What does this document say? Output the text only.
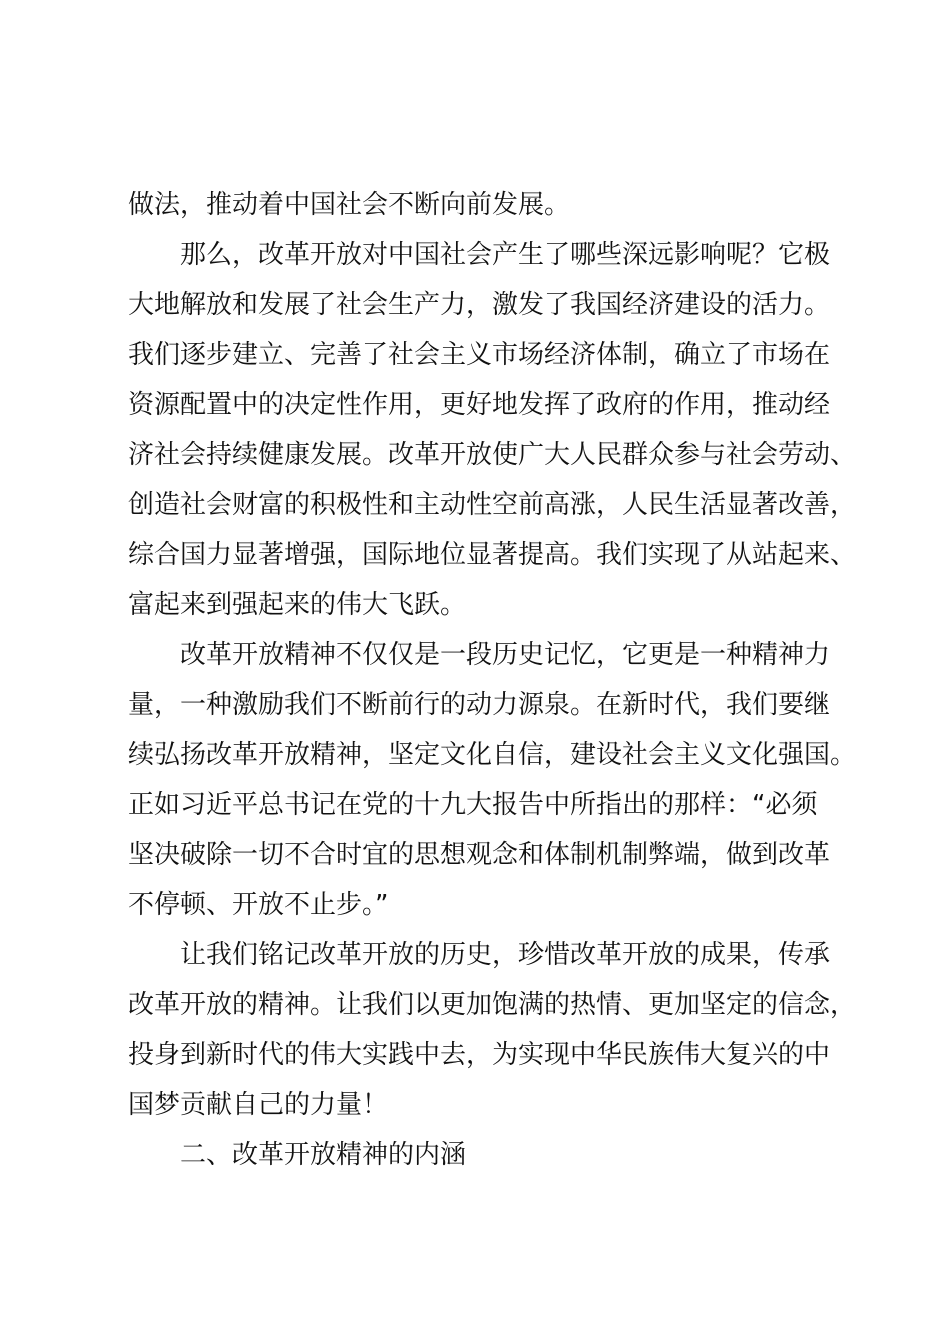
做法，推动着中国社会不断向前发展。
那么，改革开放对中国社会产生了哪些深远影响呢？它极
大地解放和发展了社会生产力，激发了我国经济建设的活力。
我们逐步建立、完善了社会主义市场经济体制，确立了市场在
资源配置中的决定性作用，更好地发挥了政府的作用，推动经
济社会持续健康发展。改革开放使广大人民群众参与社会劳动、
创造社会财富的积极性和主动性空前高涨，人民生活显著改善，
综合国力显著增强，国际地位显著提高。我们实现了从站起来、
富起来到强起来的伟大飞跃。
改革开放精神不仅仅是一段历史记忆，它更是一种精神力
量，一种激励我们不断前行的动力源泉。在新时代，我们要继
续弘扬改革开放精神，坚定文化自信，建设社会主义文化强国。
正如习近平总书记在党的十九大报告中所指出的那样：“必须
坚决破除一切不合时宜的思想观念和体制机制弊端，做到改革
不停顿、开放不止步。”
让我们铭记改革开放的历史，珍惜改革开放的成果，传承
改革开放的精神。让我们以更加饱满的热情、更加坚定的信念，
投身到新时代的伟大实践中去，为实现中华民族伟大复兴的中
国梦贡献自己的力量！
二、改革开放精神的内涵
